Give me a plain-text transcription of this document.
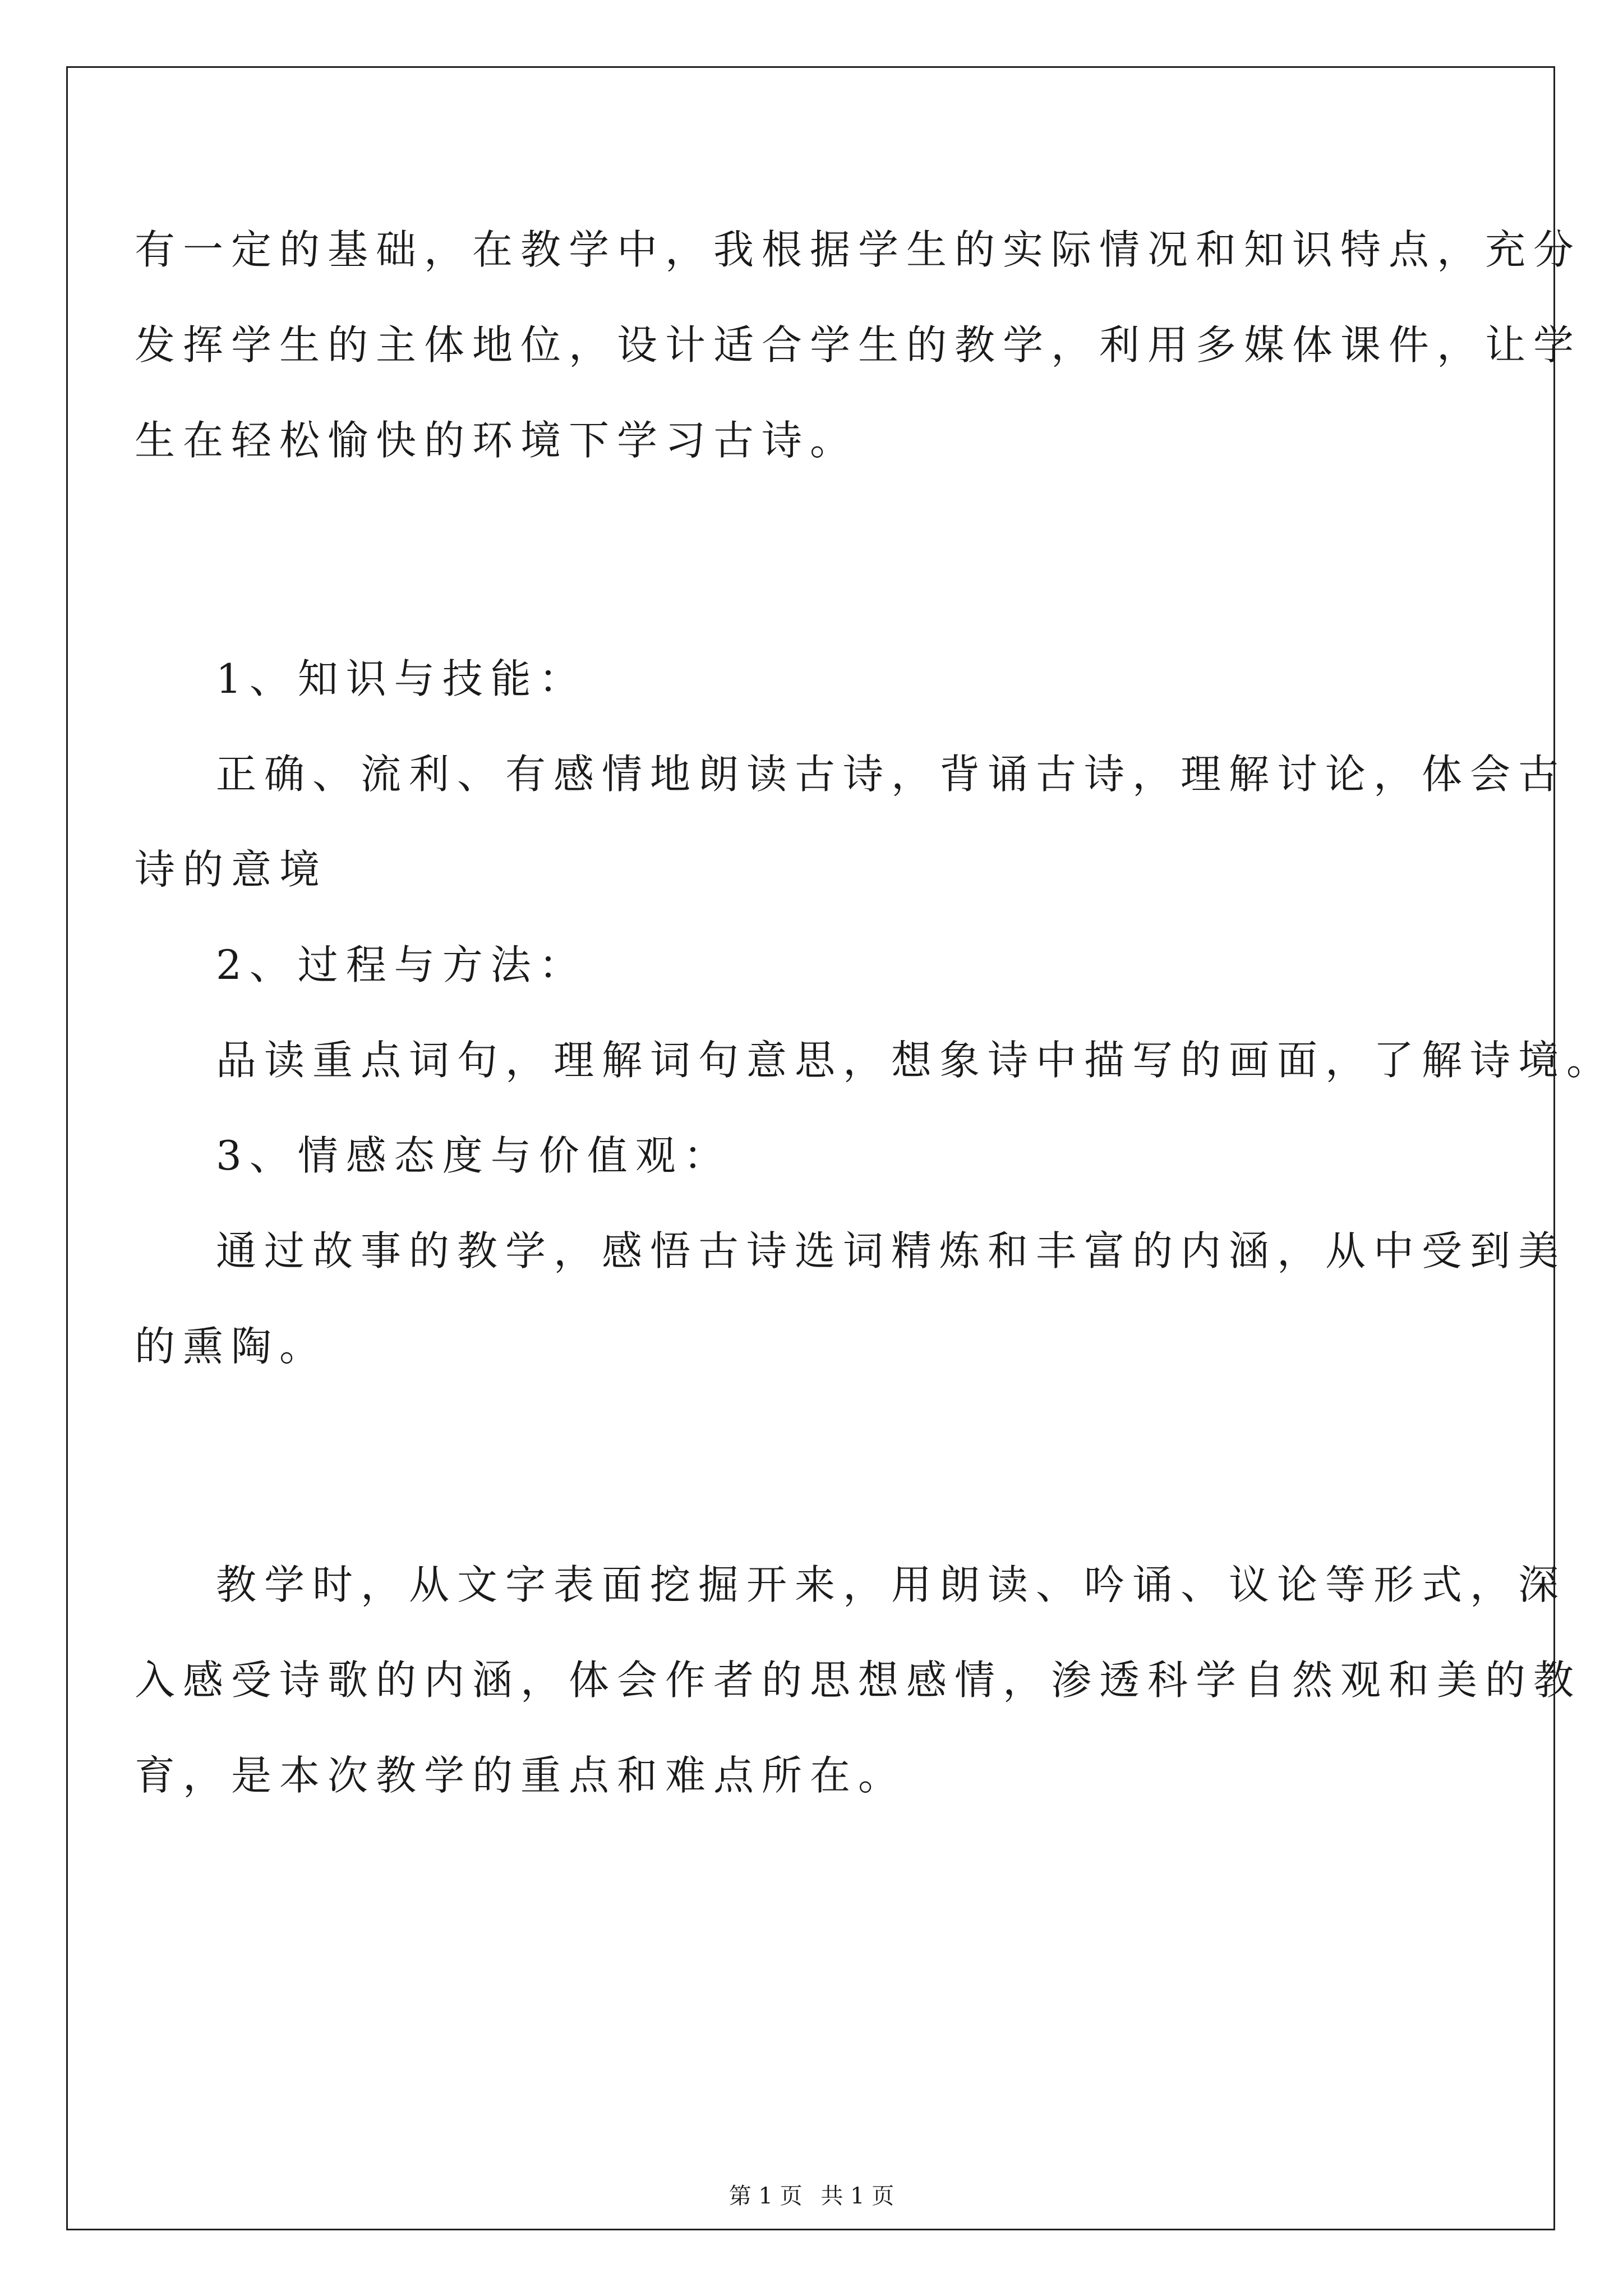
有一定的基础，在教学中，我根据学生的实际情况和知识特点，充分
发挥学生的主体地位，设计适合学生的教学，利用多媒体课件，让学
生在轻松愉快的环境下学习古诗。
1、知识与技能：
正确、流利、有感情地朗读古诗，背诵古诗，理解讨论，体会古
诗的意境
2、过程与方法：
品读重点词句，理解词句意思，想象诗中描写的画面，了解诗境。
3、情感态度与价值观：
通过故事的教学，感悟古诗选词精炼和丰富的内涵，从中受到美
的熏陶。
教学时，从文字表面挖掘开来，用朗读、吟诵、议论等形式，深
入感受诗歌的内涵，体会作者的思想感情，渗透科学自然观和美的教
育，是本次教学的重点和难点所在。
第 1 页 共 1 页
